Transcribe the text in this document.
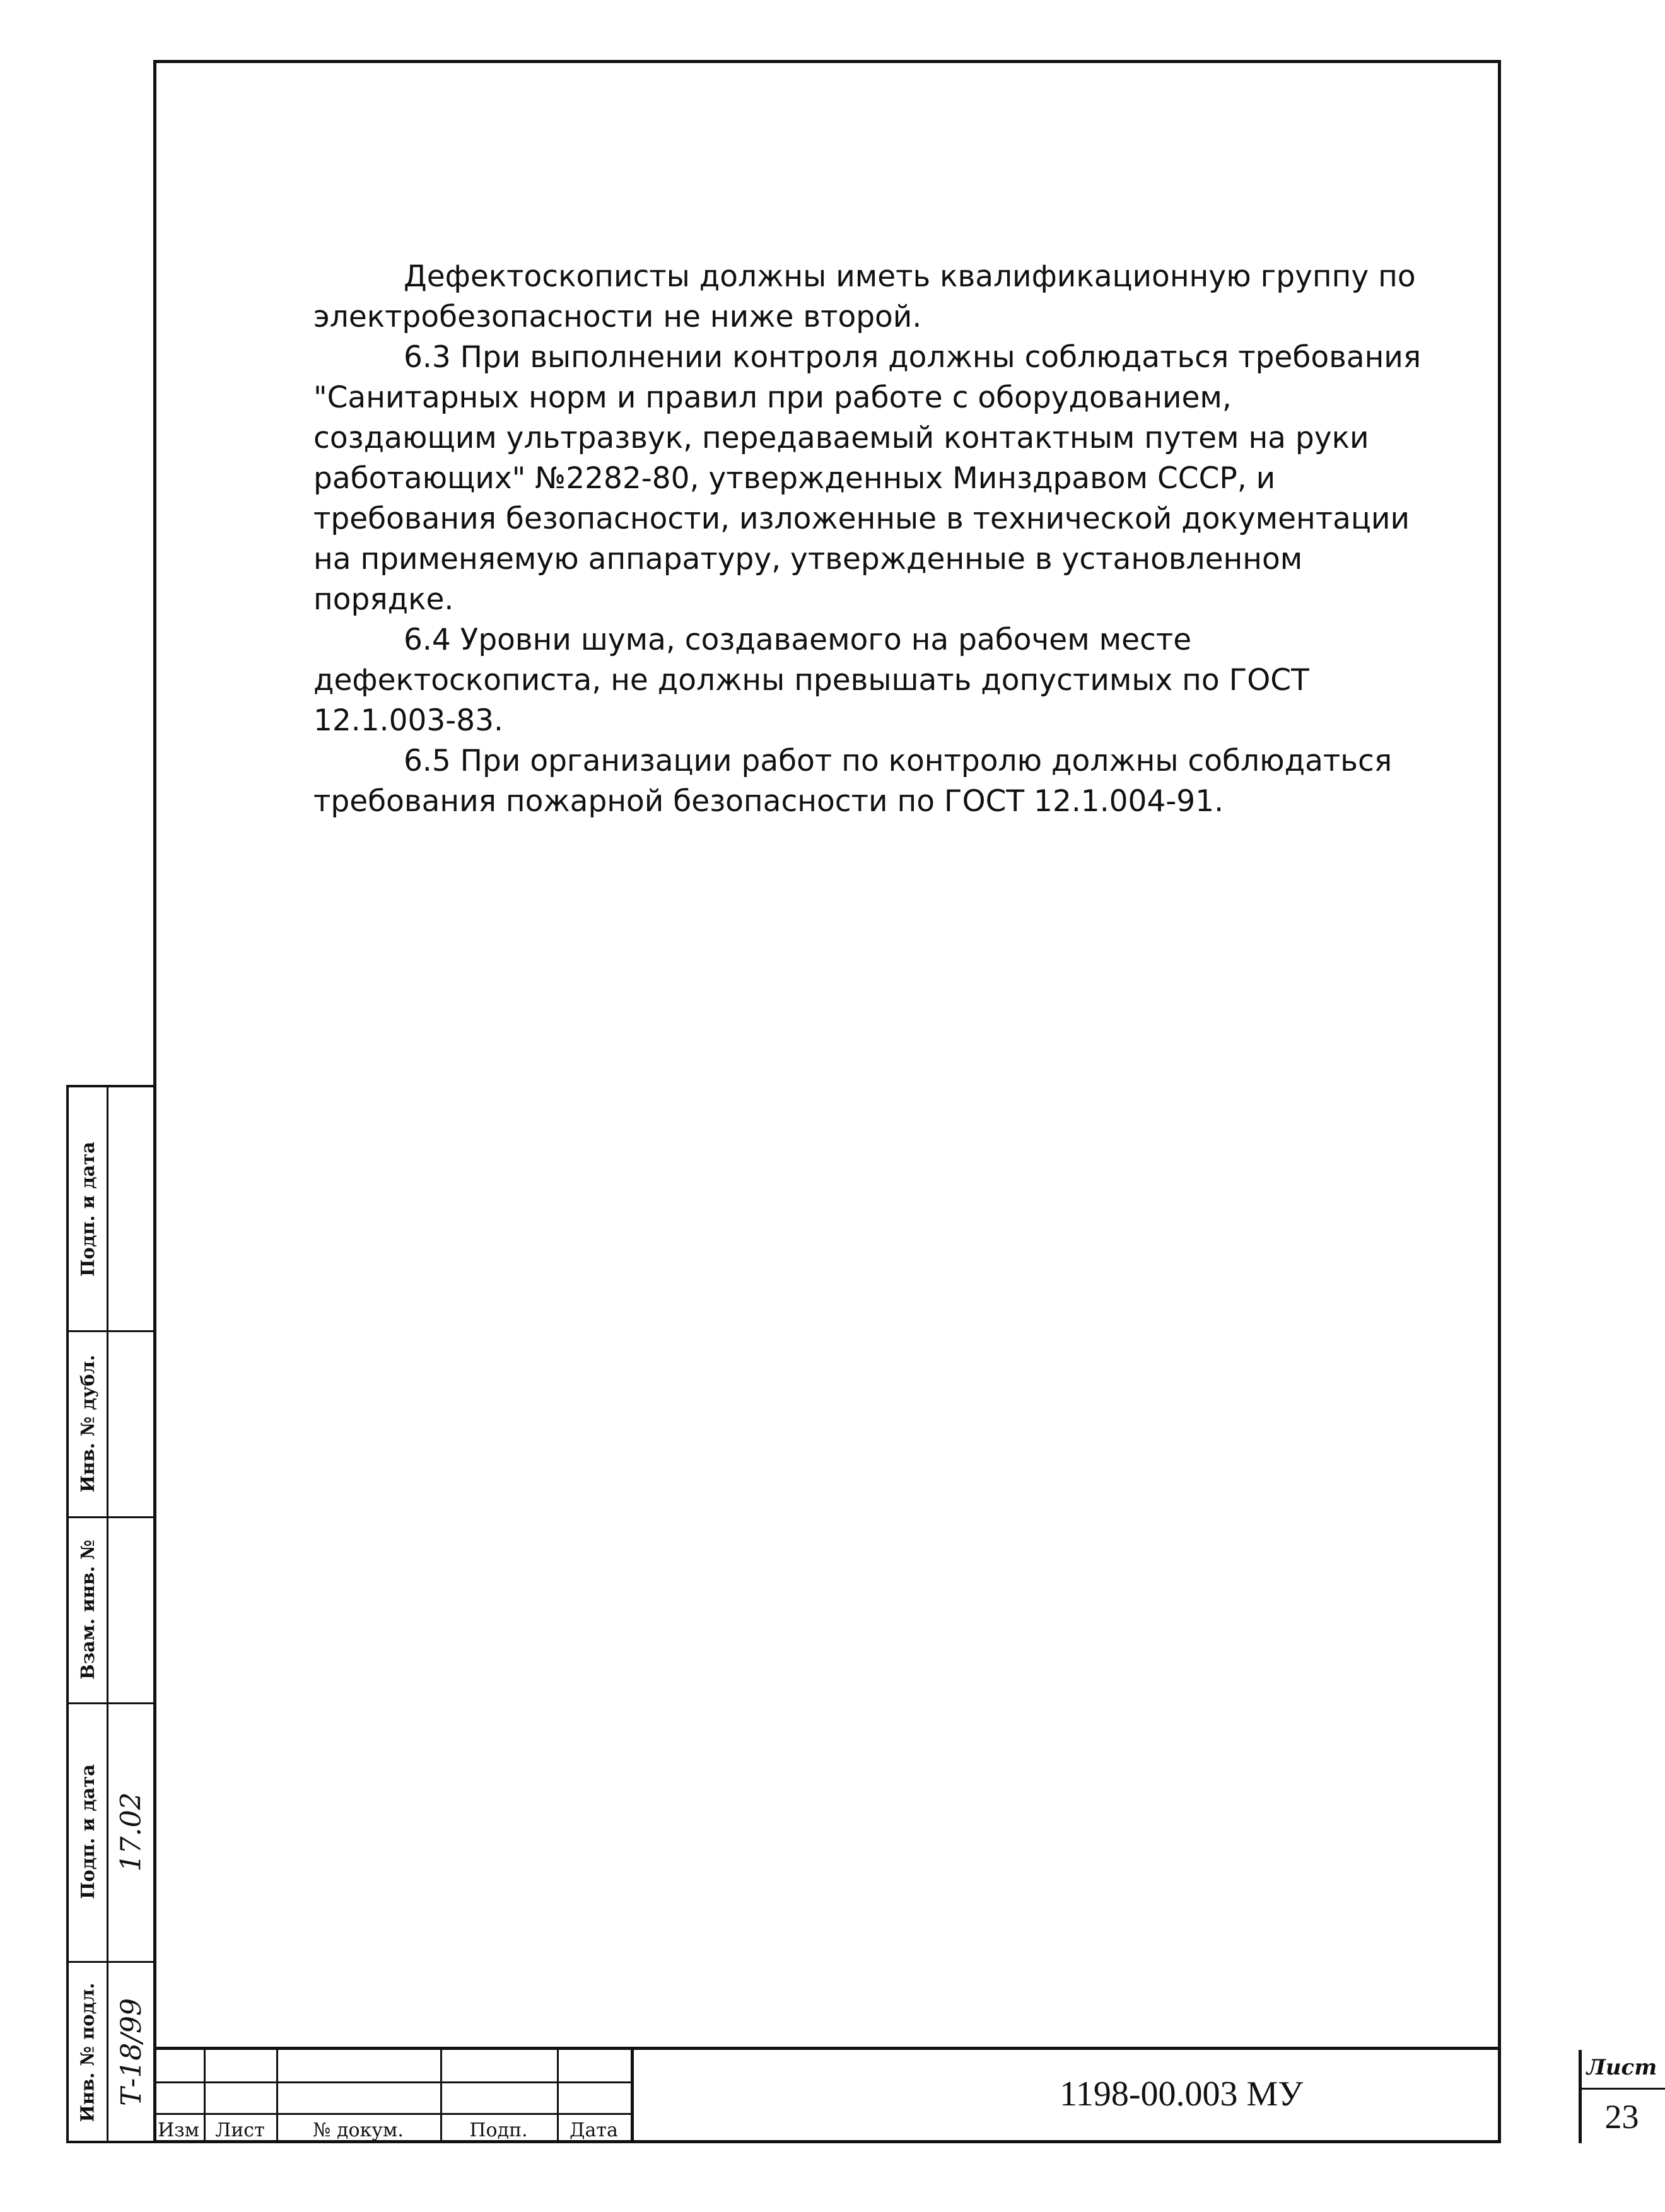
Дефектоскописты должны иметь квалификационную группу по электробезопасности не ниже второй.

6.3 При выполнении контроля должны соблюдаться требования "Санитарных норм и правил при работе с оборудованием, создающим ультразвук, передаваемый контактным путем на руки работающих" №2282-80, утвержденных Минздравом СССР, и требования безопасности, изложенные в технической документации на применяемую аппаратуру, утвержденные в установленном порядке.

6.4 Уровни шума, создаваемого на рабочем месте дефектоскописта, не должны превышать допустимых по ГОСТ 12.1.003-83.

6.5 При организации работ по контролю должны соблюдаться требования пожарной безопасности по ГОСТ 12.1.004-91.

Подп. и дата
Инв. № дубл.
Взам. инв. №
Подп. и дата
Инв. № подл.
17.02
Т-18/99
Изм Лист	№ докум.	Подп.	Дата
1198-00.003 МУ
Лист
23
